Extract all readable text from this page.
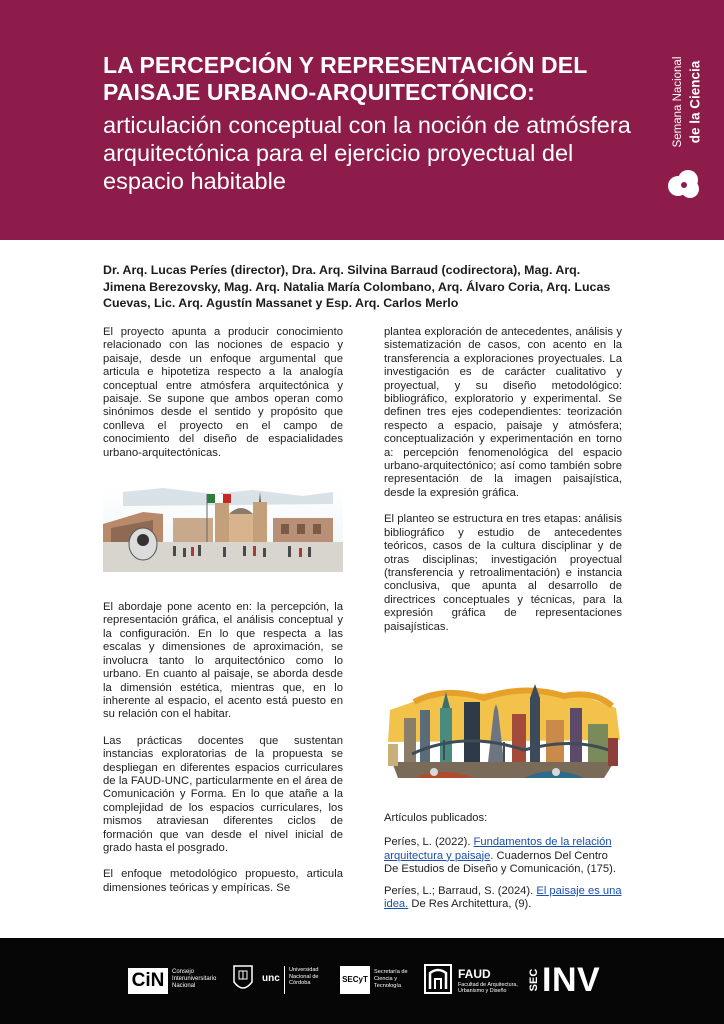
LA PERCEPCIÓN Y REPRESENTACIÓN DEL PAISAJE URBANO-ARQUITECTÓNICO:
articulación conceptual con la noción de atmósfera arquitectónica para el ejercicio proyectual del espacio habitable
Semana Nacional de la Ciencia

Dr. Arq. Lucas Períes (director), Dra. Arq. Silvina Barraud (codirectora), Mag. Arq. Jimena Berezovsky, Mag. Arq. Natalia María Colombano, Arq. Álvaro Coria, Arq. Lucas Cuevas, Lic. Arq. Agustín Massanet y Esp. Arq. Carlos Merlo

El proyecto apunta a producir conocimiento relacionado con las nociones de espacio y paisaje, desde un enfoque argumental que articula e hipotetiza respecto a la analogía conceptual entre atmósfera arquitectónica y paisaje. Se supone que ambos operan como sinónimos desde el sentido y propósito que conlleva el proyecto en el campo de conocimiento del diseño de espacialidades urbano-arquitectónicas.

El abordaje pone acento en: la percepción, la representación gráfica, el análisis conceptual y la configuración. En lo que respecta a las escalas y dimensiones de aproximación, se involucra tanto lo arquitectónico como lo urbano. En cuanto al paisaje, se aborda desde la dimensión estética, mientras que, en lo inherente al espacio, el acento está puesto en su relación con el habitar.

Las prácticas docentes que sustentan instancias exploratorias de la propuesta se despliegan en diferentes espacios curriculares de la FAUD-UNC, particularmente en el área de Comunicación y Forma. En lo que atañe a la complejidad de los espacios curriculares, los mismos atraviesan diferentes ciclos de formación que van desde el nivel inicial de grado hasta el posgrado.

El enfoque metodológico propuesto, articula dimensiones teóricas y empíricas. Se

plantea exploración de antecedentes, análisis y sistematización de casos, con acento en la transferencia a exploraciones proyectuales. La investigación es de carácter cualitativo y proyectual, y su diseño metodológico: bibliográfico, exploratorio y experimental. Se definen tres ejes codependientes: teorización respecto a espacio, paisaje y atmósfera; conceptualización y experimentación en torno a: percepción fenomenológica del espacio urbano-arquitectónico; así como también sobre representación de la imagen paisajística, desde la expresión gráfica.

El planteo se estructura en tres etapas: análisis bibliográfico y estudio de antecedentes teóricos, casos de la cultura disciplinar y de otras disciplinas; investigación proyectual (transferencia y retroalimentación) e instancia conclusiva, que apunta al desarrollo de directrices conceptuales y técnicas, para la expresión gráfica de representaciones paisajísticas.

Artículos publicados:

Períes, L. (2022). Fundamentos de la relación arquitectura y paisaje. Cuadernos Del Centro De Estudios de Diseño y Comunicación, (175).

Períes, L.; Barraud, S. (2024). El paisaje es una idea. De Res Architettura, (9).

CiN	Consejo Interuniversitario Nacional
unc
Universidad Nacional de Córdoba	SECyT
Secretaría de Ciencia y Tecnología
FAUD
Facultad de Arquitectura, Urbanismo y Diseño
SEC INV
